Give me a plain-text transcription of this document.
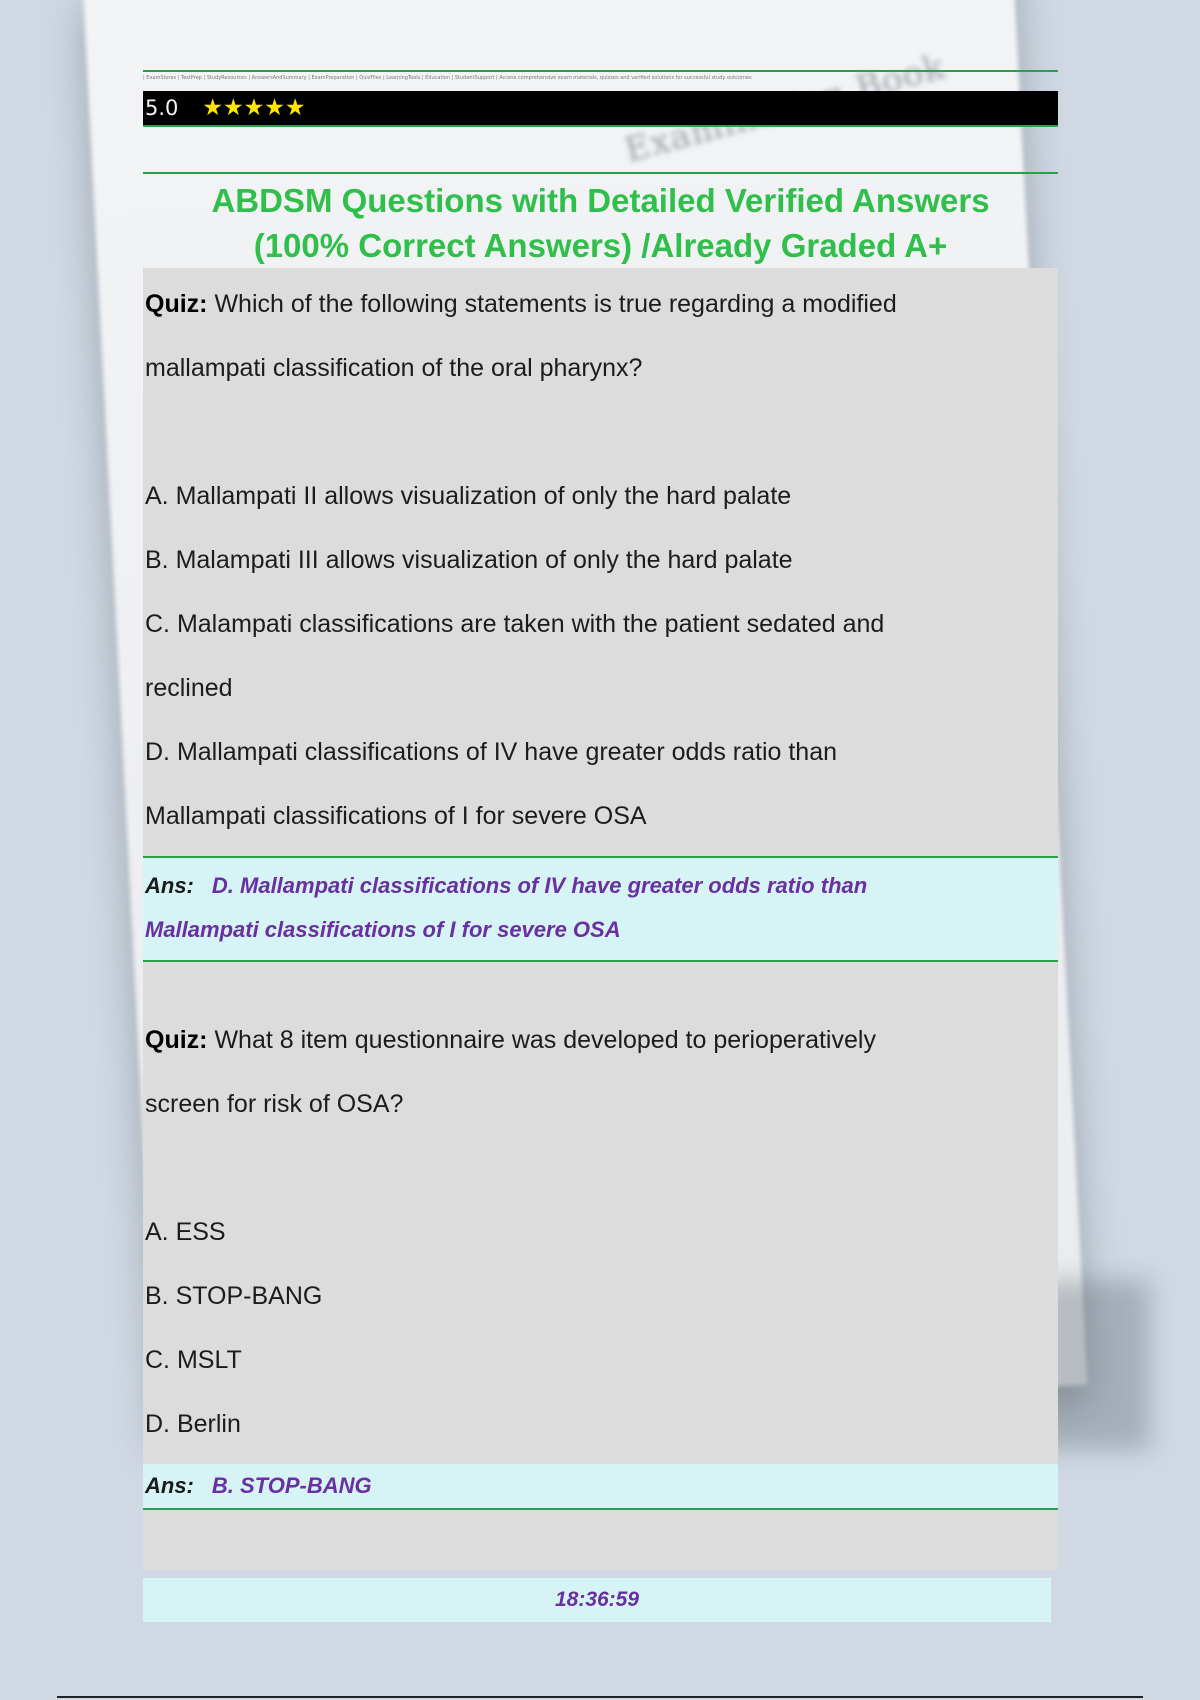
| ExamStores | TestPrep | StudyResources | AnswersAndSummary | ExamPreparation | QuizFiles | LearningTools | Education | StudentSupport | Access comprehensive exam materials, quizzes and verified solutions for successful study outcomes
5.0 ★★★★★

ABDSM Questions with Detailed Verified Answers

(100% Correct Answers) /Already Graded A+

Quiz: Which of the following statements is true regarding a modified

mallampati classification of the oral pharynx?

A. Mallampati II allows visualization of only the hard palate

B. Malampati III allows visualization of only the hard palate

C. Malampati classifications are taken with the patient sedated and

reclined

D. Mallampati classifications of IV have greater odds ratio than

Mallampati classifications of I for severe OSA

Ans: D. Mallampati classifications of IV have greater odds ratio than
Mallampati classifications of I for severe OSA

Quiz: What 8 item questionnaire was developed to perioperatively

screen for risk of OSA?

A. ESS

B. STOP-BANG

C. MSLT

D. Berlin

Ans: B. STOP-BANG
18:36:59
